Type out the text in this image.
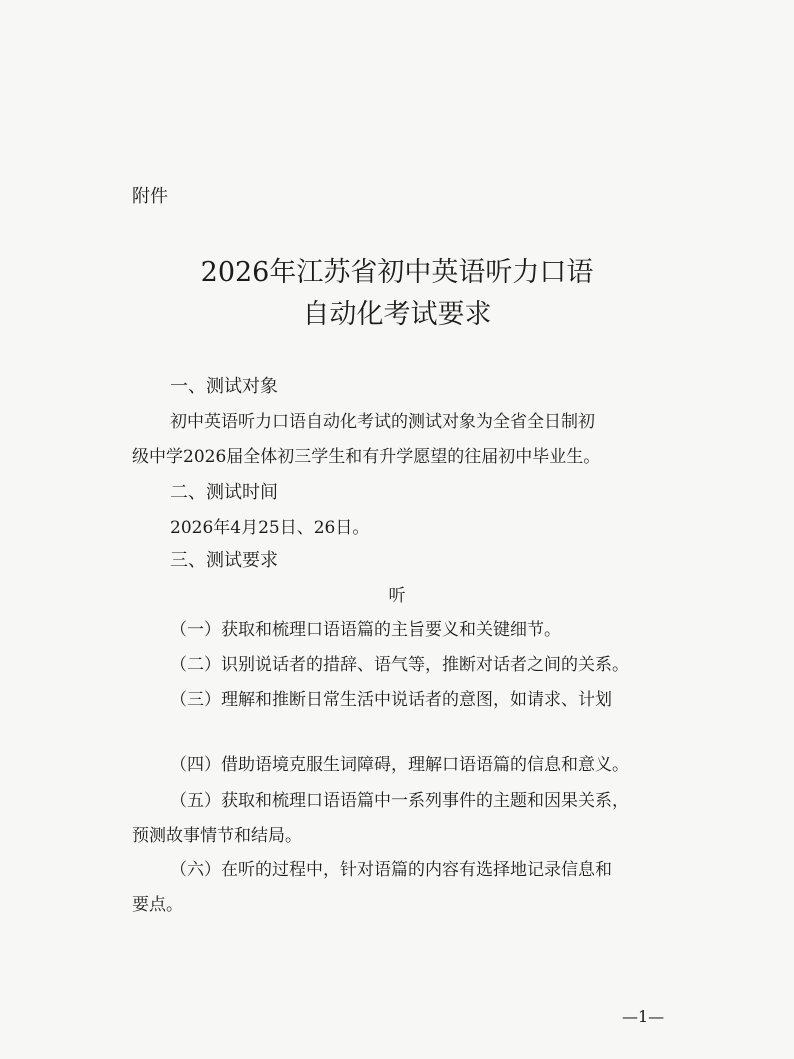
附件
2026年江苏省初中英语听力口语
自动化考试要求
一、测试对象
初中英语听力口语自动化考试的测试对象为全省全日制初
级中学2026届全体初三学生和有升学愿望的往届初中毕业生。
二、测试时间
2026年4月25日、26日。
三、测试要求
听
（一）获取和梳理口语语篇的主旨要义和关键细节。
（二）识别说话者的措辞、语气等，推断对话者之间的关系。
（三）理解和推断日常生活中说话者的意图，如请求、计划
（四）借助语境克服生词障碍，理解口语语篇的信息和意义。
（五）获取和梳理口语语篇中一系列事件的主题和因果关系，
预测故事情节和结局。
（六）在听的过程中，针对语篇的内容有选择地记录信息和
要点。
—1—
